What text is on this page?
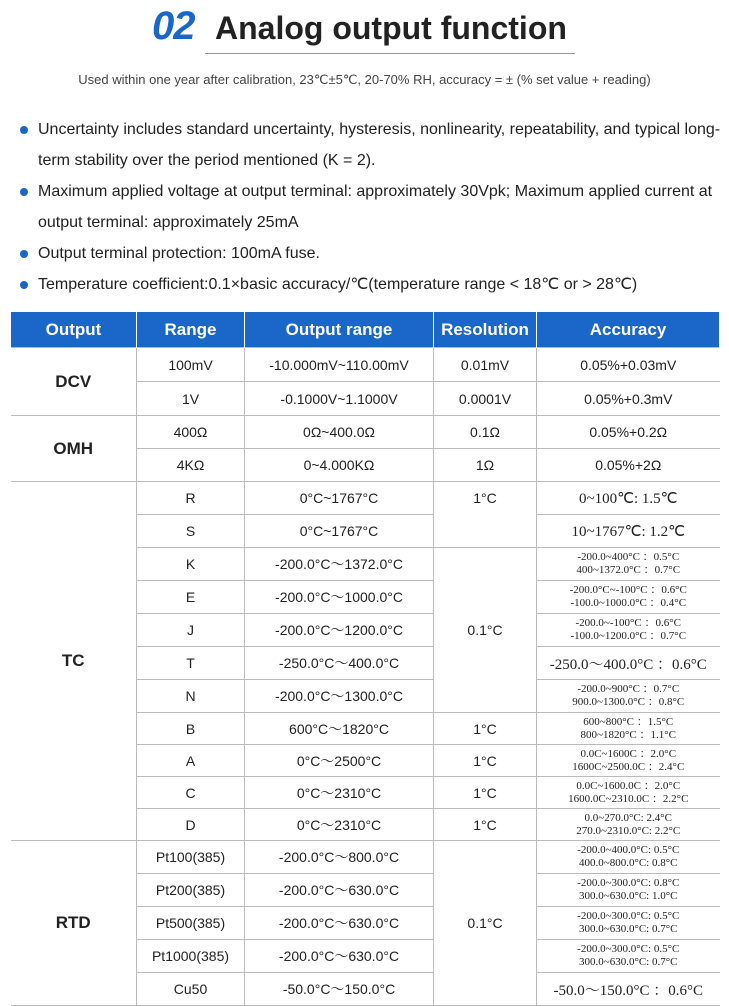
02 Analog output function
Used within one year after calibration, 23℃±5℃, 20-70% RH, accuracy = ± (% set value + reading)
Uncertainty includes standard uncertainty, hysteresis, nonlinearity, repeatability, and typical long-term stability over the period mentioned (K = 2).
Maximum applied voltage at output terminal: approximately 30Vpk; Maximum applied current at output terminal: approximately 25mA
Output terminal protection: 100mA fuse.
Temperature coefficient:0.1×basic accuracy/℃(temperature range < 18℃ or > 28℃)
Output	Range	Output range	Resolution	Accuracy
DCV	100mV	-10.000mV~110.00mV	0.01mV	0.05%+0.03mV
	1V	-0.1000V~1.1000V	0.0001V	0.05%+0.3mV
OMH	400Ω	0Ω~400.0Ω	0.1Ω	0.05%+0.2Ω
	4KΩ	0~4.000KΩ	1Ω	0.05%+2Ω
TC	R	0°C~1767°C	1°C	0~100℃: 1.5℃
	S	0°C~1767°C		10~1767℃: 1.2℃
	K	-200.0°C～1372.0°C	0.1°C	-200.0~400°C ：0.5°C
400~1372.0°C ：0.7°C

	E	-200.0°C～1000.0°C		-200.0°C~-100°C ：0.6°C
-100.0~1000.0°C ：0.4°C

	J	-200.0°C～1200.0°C		-200.0~-100°C ：0.6°C
-100.0~1200.0°C ：0.7°C

	T	-250.0°C～400.0°C		-250.0～400.0°C ：0.6°C
	N	-200.0°C～1300.0°C		-200.0~900°C ：0.7°C
900.0~1300.0°C ：0.8°C

	B	600°C～1820°C	1°C	600~800°C ：1.5°C
800~1820°C ：1.1°C

	A	0°C～2500°C	1°C	0.0C~1600C ：2.0°C
1600C~2500.0C ：2.4°C

	C	0°C～2310°C	1°C	0.0C~1600.0C ：2.0°C
1600.0C~2310.0C ：2.2°C

	D	0°C～2310°C	1°C	0.0~270.0°C: 2.4°C
270.0~2310.0°C: 2.2°C

RTD	Pt100(385)	-200.0°C～800.0°C	0.1°C	-200.0~400.0°C: 0.5°C
400.0~800.0°C: 0.8°C

	Pt200(385)	-200.0°C～630.0°C		-200.0~300.0°C: 0.8°C
300.0~630.0°C: 1.0°C

	Pt500(385)	-200.0°C～630.0°C		-200.0~300.0°C: 0.5°C
300.0~630.0°C: 0.7°C

	Pt1000(385)	-200.0°C～630.0°C		-200.0~300.0°C: 0.5°C
300.0~630.0°C: 0.7°C

	Cu50	-50.0°C～150.0°C		-50.0～150.0°C ：0.6°C
